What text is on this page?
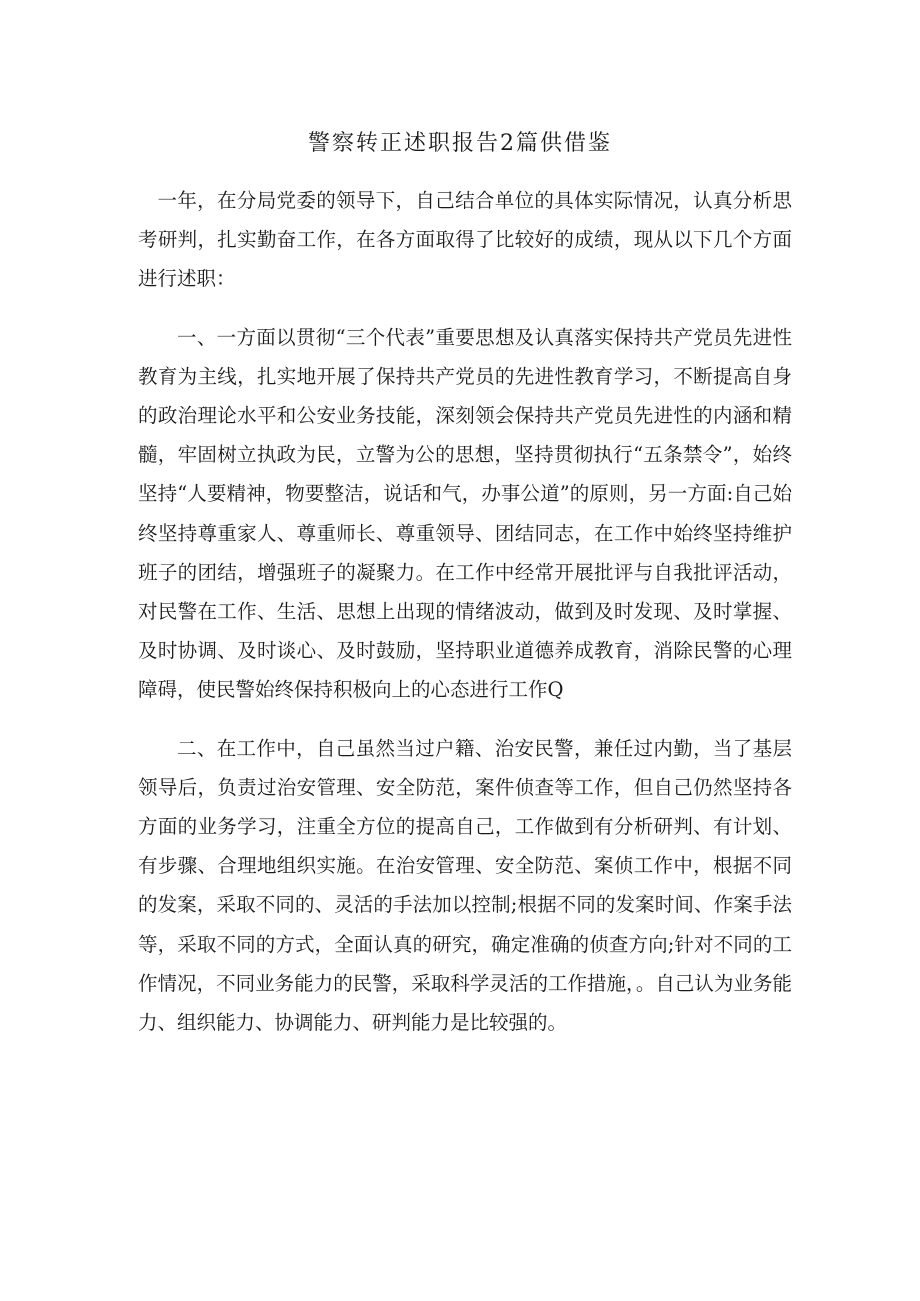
警察转正述职报告2篇供借鉴

一年，在分局党委的领导下，自己结合单位的具体实际情况，认真分析思考研判，扎实勤奋工作，在各方面取得了比较好的成绩，现从以下几个方面进行述职：

一、一方面以贯彻“三个代表”重要思想及认真落实保持共产党员先进性教育为主线，扎实地开展了保持共产党员的先进性教育学习，不断提高自身的政治理论水平和公安业务技能，深刻领会保持共产党员先进性的内涵和精髓，牢固树立执政为民，立警为公的思想，坚持贯彻执行“五条禁令”，始终坚持“人要精神，物要整洁，说话和气，办事公道”的原则，另一方面:自己始终坚持尊重家人、尊重师长、尊重领导、团结同志，在工作中始终坚持维护班子的团结，增强班子的凝聚力。在工作中经常开展批评与自我批评活动，对民警在工作、生活、思想上出现的情绪波动，做到及时发现、及时掌握、及时协调、及时谈心、及时鼓励，坚持职业道德养成教育，消除民警的心理障碍，使民警始终保持积极向上的心态进行工作Q

二、在工作中，自己虽然当过户籍、治安民警，兼任过内勤，当了基层领导后，负责过治安管理、安全防范，案件侦查等工作，但自己仍然坚持各方面的业务学习，注重全方位的提高自己，工作做到有分析研判、有计划、有步骤、合理地组织实施。在治安管理、安全防范、案侦工作中，根据不同的发案，采取不同的、灵活的手法加以控制;根据不同的发案时间、作案手法等，采取不同的方式，全面认真的研究，确定准确的侦查方向;针对不同的工作情况，不同业务能力的民警，采取科学灵活的工作措施，。自己认为业务能力、组织能力、协调能力、研判能力是比较强的。
